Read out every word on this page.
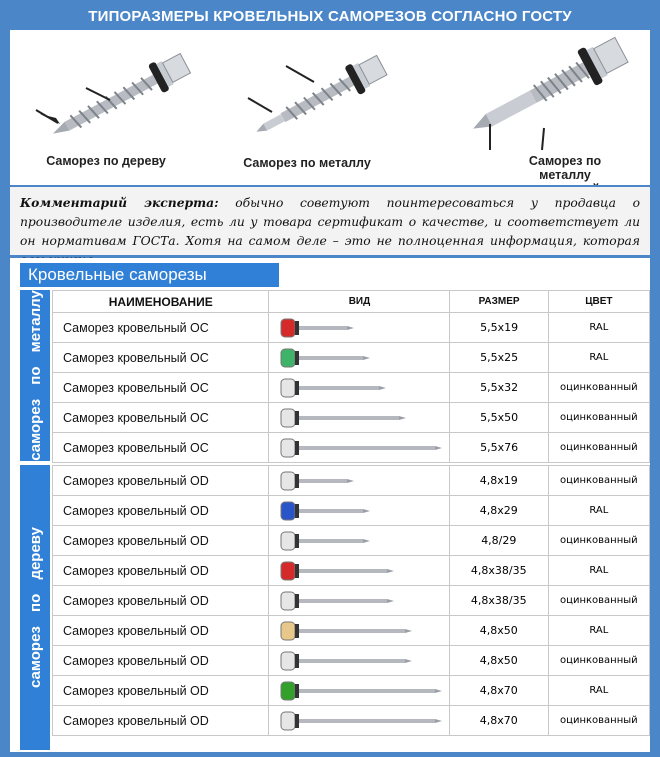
ТИПОРАЗМЕРЫ КРОВЕЛЬНЫХ САМОРЕЗОВ СОГЛАСНО ГОСТУ
Саморез по дереву	Саморез по металлу	Саморез по металлу
Комментарий эксперта: обычно советуют поинтересоваться у продавца о производителе изделия, есть ли у товара сертификат о качестве, и соответствует ли он нормативам ГОСТа. Хотя на самом деле – это не полноценная информация, которая
Кровельные саморезы
саморез по металлу
саморез по дереву
НАИМЕНОВАНИЕ	ВИД	РАЗМЕР	ЦВЕТ
Саморез кровельный ОС		5,5x19	RAL
Саморез кровельный ОС		5,5x25	RAL
Саморез кровельный ОС		5,5x32	оцинкованный
Саморез кровельный ОС		5,5x50	оцинкованный
Саморез кровельный ОС		5,5x76	оцинкованный
Саморез кровельный OD		4,8x19	оцинкованный
Саморез кровельный OD		4,8x29	RAL
Саморез кровельный OD		4,8/29	оцинкованный
Саморез кровельный OD		4,8x38/35	RAL
Саморез кровельный OD		4,8x38/35	оцинкованный
Саморез кровельный OD		4,8x50	RAL
Саморез кровельный OD		4,8x50	оцинкованный
Саморез кровельный OD		4,8x70	RAL
Саморез кровельный OD		4,8x70	оцинкованный
